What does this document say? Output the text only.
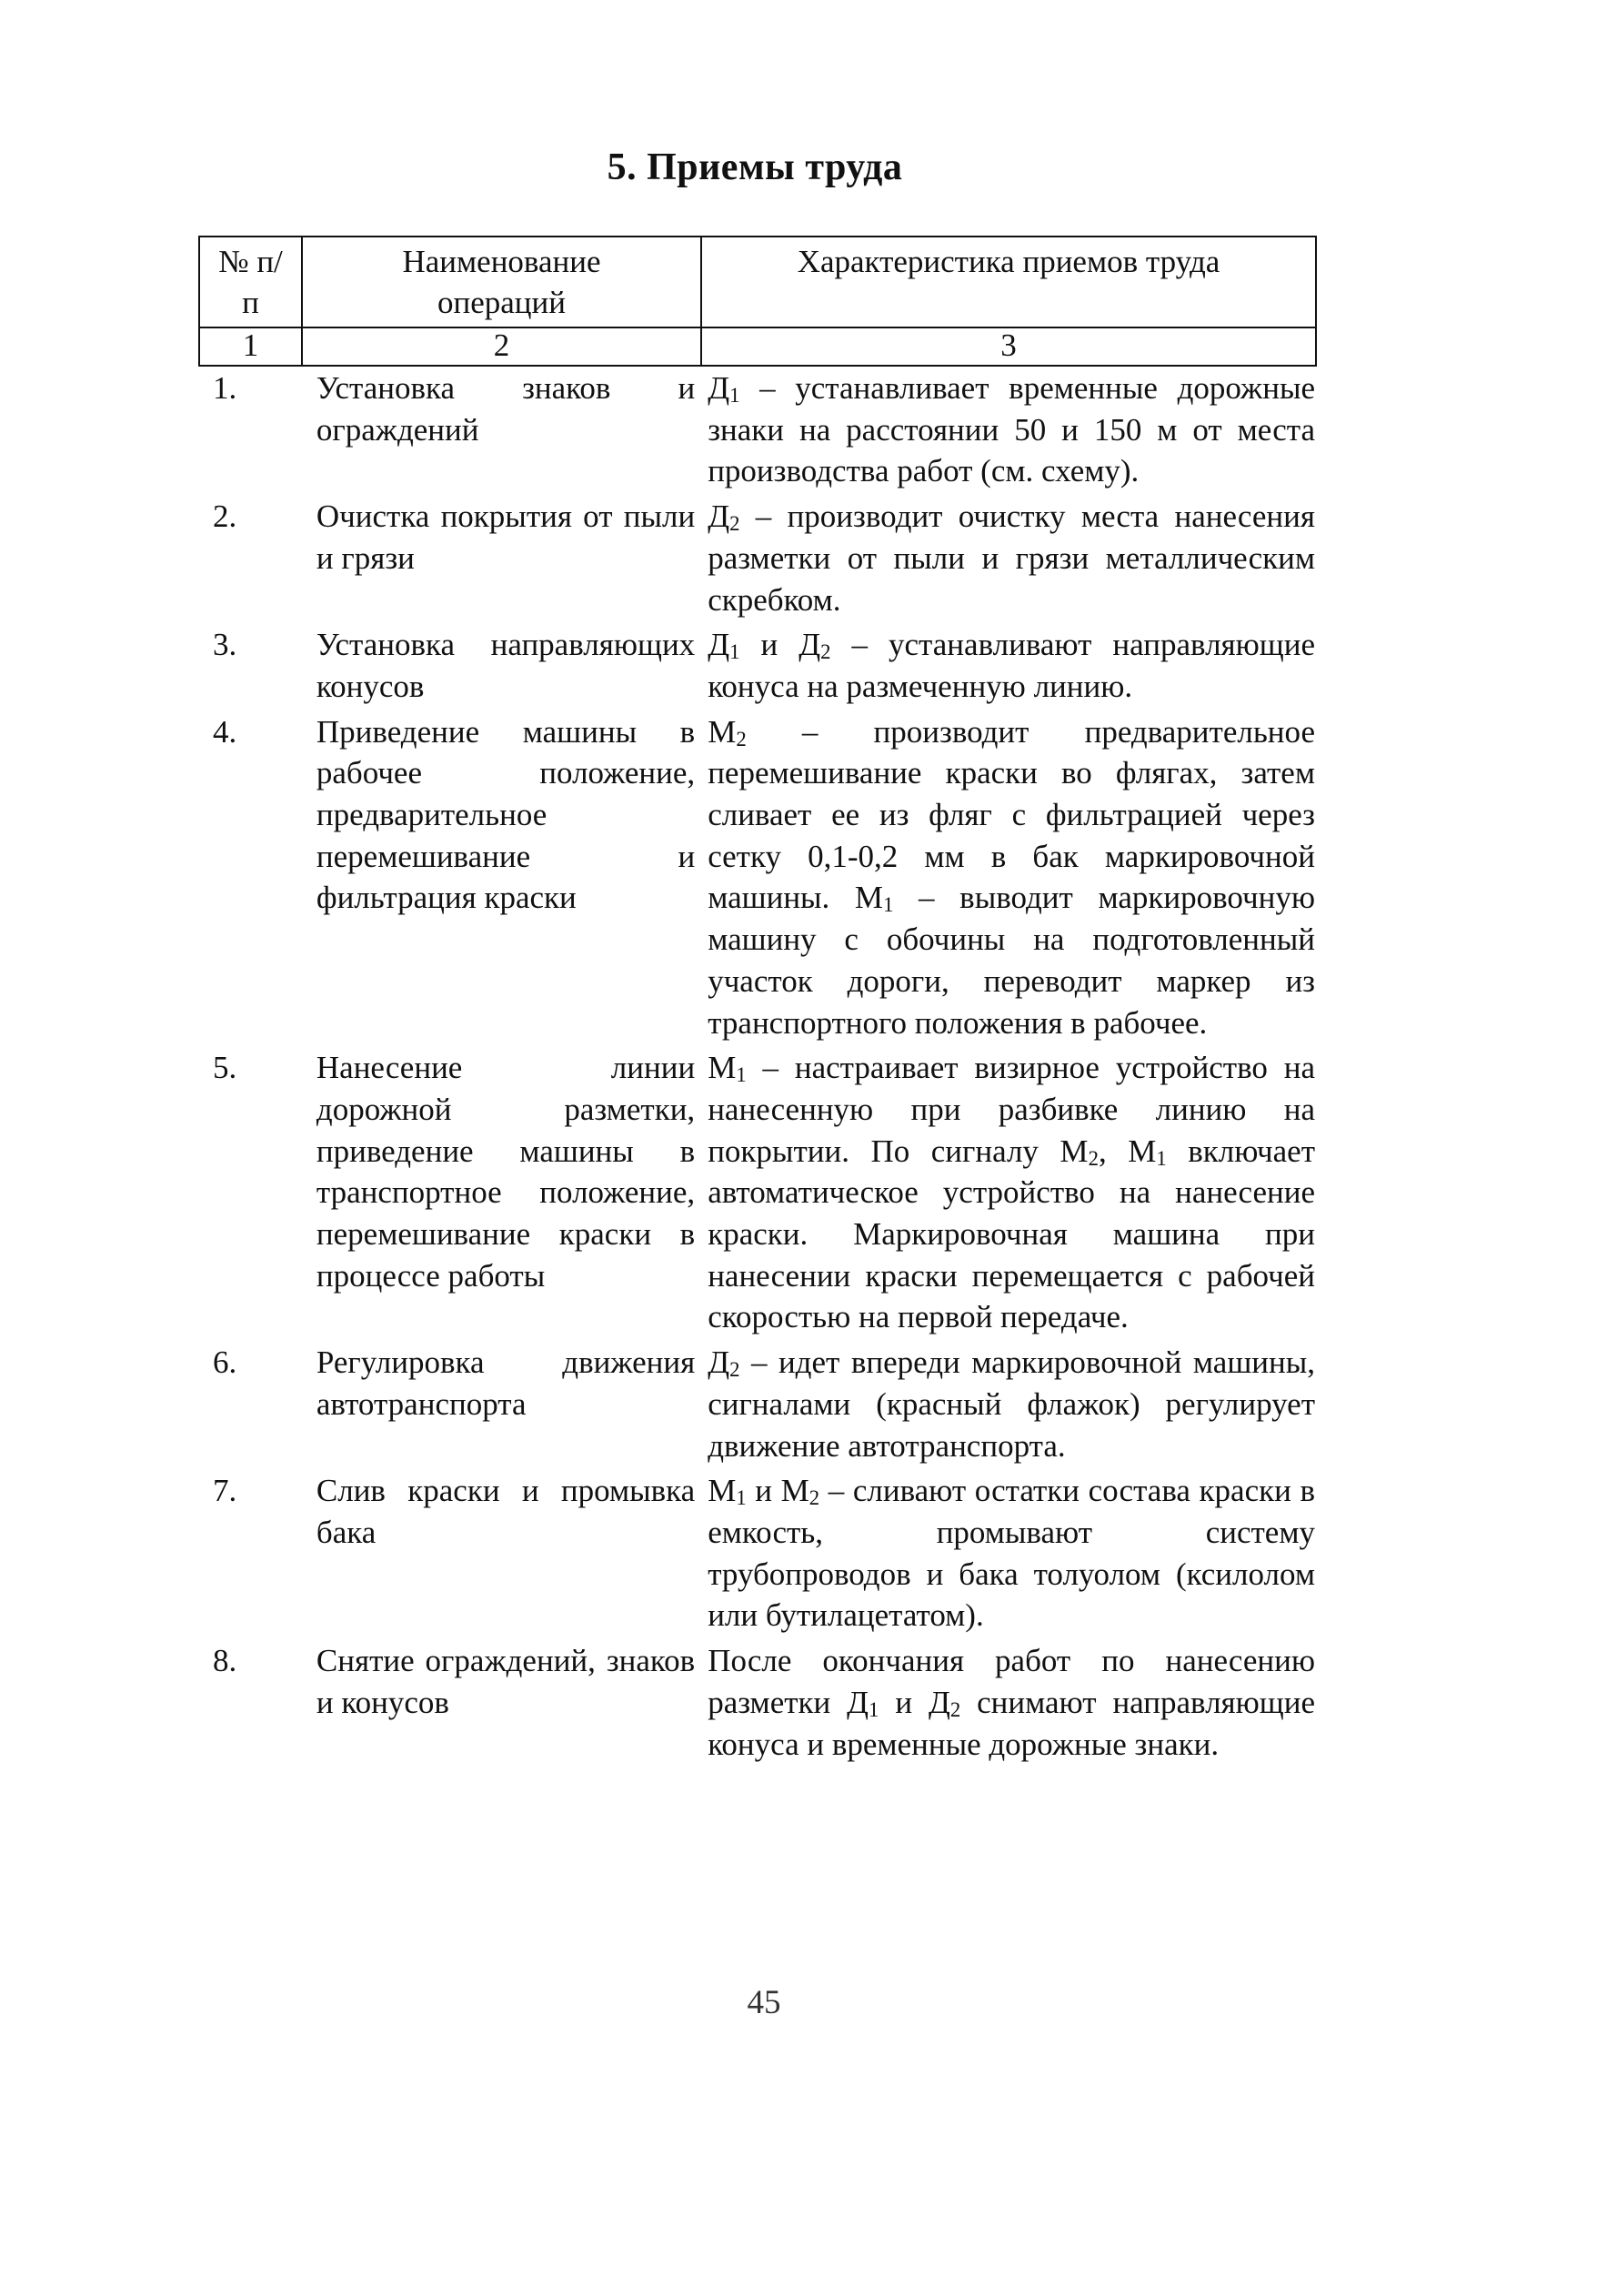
5. Приемы труда
№ п/п	Наименование операций	Характеристика приемов труда
1	2	3
1.	Установка знаков и ограждений	$Д_1$ – устанавливает временные дорожные знаки на расстоянии 50 и 150 м от места производства работ (см. схему).
2.	Очистка покрытия от пыли и грязи	$Д_2$ – производит очистку места нанесения разметки от пыли и грязи металлическим скребком.
3.	Установка направляющих конусов	$Д_1$ и $Д_2$ – устанавливают направляющие конуса на размеченную линию.
4.	Приведение машины в рабочее положение, предварительное перемешивание и фильтрация краски	$М_2$ – производит предварительное перемешивание краски во флягах, затем сливает ее из фляг с фильтрацией через сетку 0,1-0,2 мм в бак маркировочной машины. $М_1$ – выводит маркировочную машину с обочины на подготовленный участок дороги, переводит маркер из транспортного положения в рабочее.
5.	Нанесение линии дорожной разметки, приведение машины в транспортное положение, перемешивание краски в процессе работы	$М_1$ – настраивает визирное устройство на нанесенную при разбивке линию на покрытии. По сигналу $М_2$, $М_1$ включает автоматическое устройство на нанесение краски. Маркировочная машина при нанесении краски перемещается с рабочей скоростью на первой передаче.
6.	Регулировка движения автотранспорта	$Д_2$ – идет впереди маркировочной машины, сигналами (красный флажок) регулирует движение автотранспорта.
7.	Слив краски и промывка бака	$М_1$ и $М_2$ – сливают остатки состава краски в емкость, промывают систему трубопроводов и бака толуолом (ксилолом или бутилацетатом).
8.	Снятие ограждений, знаков и конусов	После окончания работ по нанесению разметки $Д_1$ и $Д_2$ снимают направляющие конуса и временные дорожные знаки.
45
